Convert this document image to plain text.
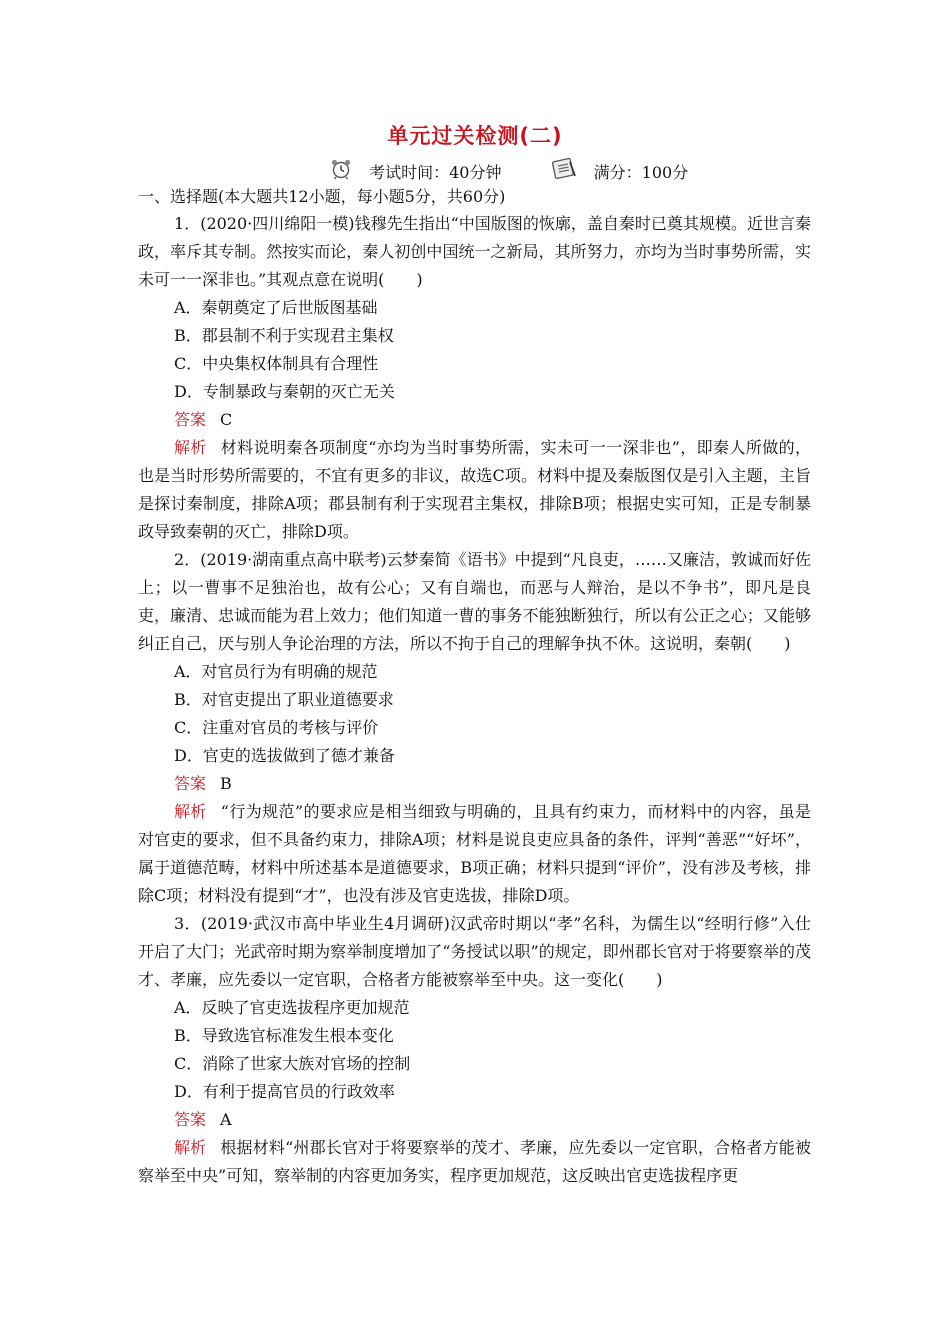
单元过关检测(二)
考试时间：40分钟	满分：100分
一、选择题(本大题共12小题，每小题5分，共60分)

1．(2020·四川绵阳一模)钱穆先生指出“中国版图的恢廓，盖自秦时已奠其规模。近世言秦政，率斥其专制。然按实而论，秦人初创中国统一之新局，其所努力，亦均为当时事势所需，实未可一一深非也。”其观点意在说明(　　)

A．秦朝奠定了后世版图基础

B．郡县制不利于实现君主集权

C．中央集权体制具有合理性

D．专制暴政与秦朝的灭亡无关

答案 C

解析 材料说明秦各项制度“亦均为当时事势所需，实未可一一深非也”，即秦人所做的，也是当时形势所需要的，不宜有更多的非议，故选C项。材料中提及秦版图仅是引入主题，主旨是探讨秦制度，排除A项；郡县制有利于实现君主集权，排除B项；根据史实可知，正是专制暴政导致秦朝的灭亡，排除D项。

2．(2019·湖南重点高中联考)云梦秦简《语书》中提到“凡良吏，……又廉洁，敦诚而好佐上；以一曹事不足独治也，故有公心；又有自端也，而恶与人辩治，是以不争书”，即凡是良吏，廉清、忠诚而能为君上效力；他们知道一曹的事务不能独断独行，所以有公正之心；又能够纠正自己，厌与别人争论治理的方法，所以不拘于自己的理解争执不休。这说明，秦朝(　　)

A．对官员行为有明确的规范

B．对官吏提出了职业道德要求

C．注重对官员的考核与评价

D．官吏的选拔做到了德才兼备

答案 B

解析 “行为规范”的要求应是相当细致与明确的，且具有约束力，而材料中的内容，虽是对官吏的要求，但不具备约束力，排除A项；材料是说良吏应具备的条件，评判“善恶”“好坏”，属于道德范畴，材料中所述基本是道德要求，B项正确；材料只提到“评价”，没有涉及考核，排除C项；材料没有提到“才”，也没有涉及官吏选拔，排除D项。

3．(2019·武汉市高中毕业生4月调研)汉武帝时期以“孝”名科，为儒生以“经明行修”入仕开启了大门；光武帝时期为察举制度增加了“务授试以职”的规定，即州郡长官对于将要察举的茂才、孝廉，应先委以一定官职，合格者方能被察举至中央。这一变化(　　)

A．反映了官吏选拔程序更加规范

B．导致选官标准发生根本变化

C．消除了世家大族对官场的控制

D．有利于提高官员的行政效率

答案 A

解析 根据材料“州郡长官对于将要察举的茂才、孝廉，应先委以一定官职，合格者方能被察举至中央”可知，察举制的内容更加务实，程序更加规范，这反映出官吏选拔程序更
